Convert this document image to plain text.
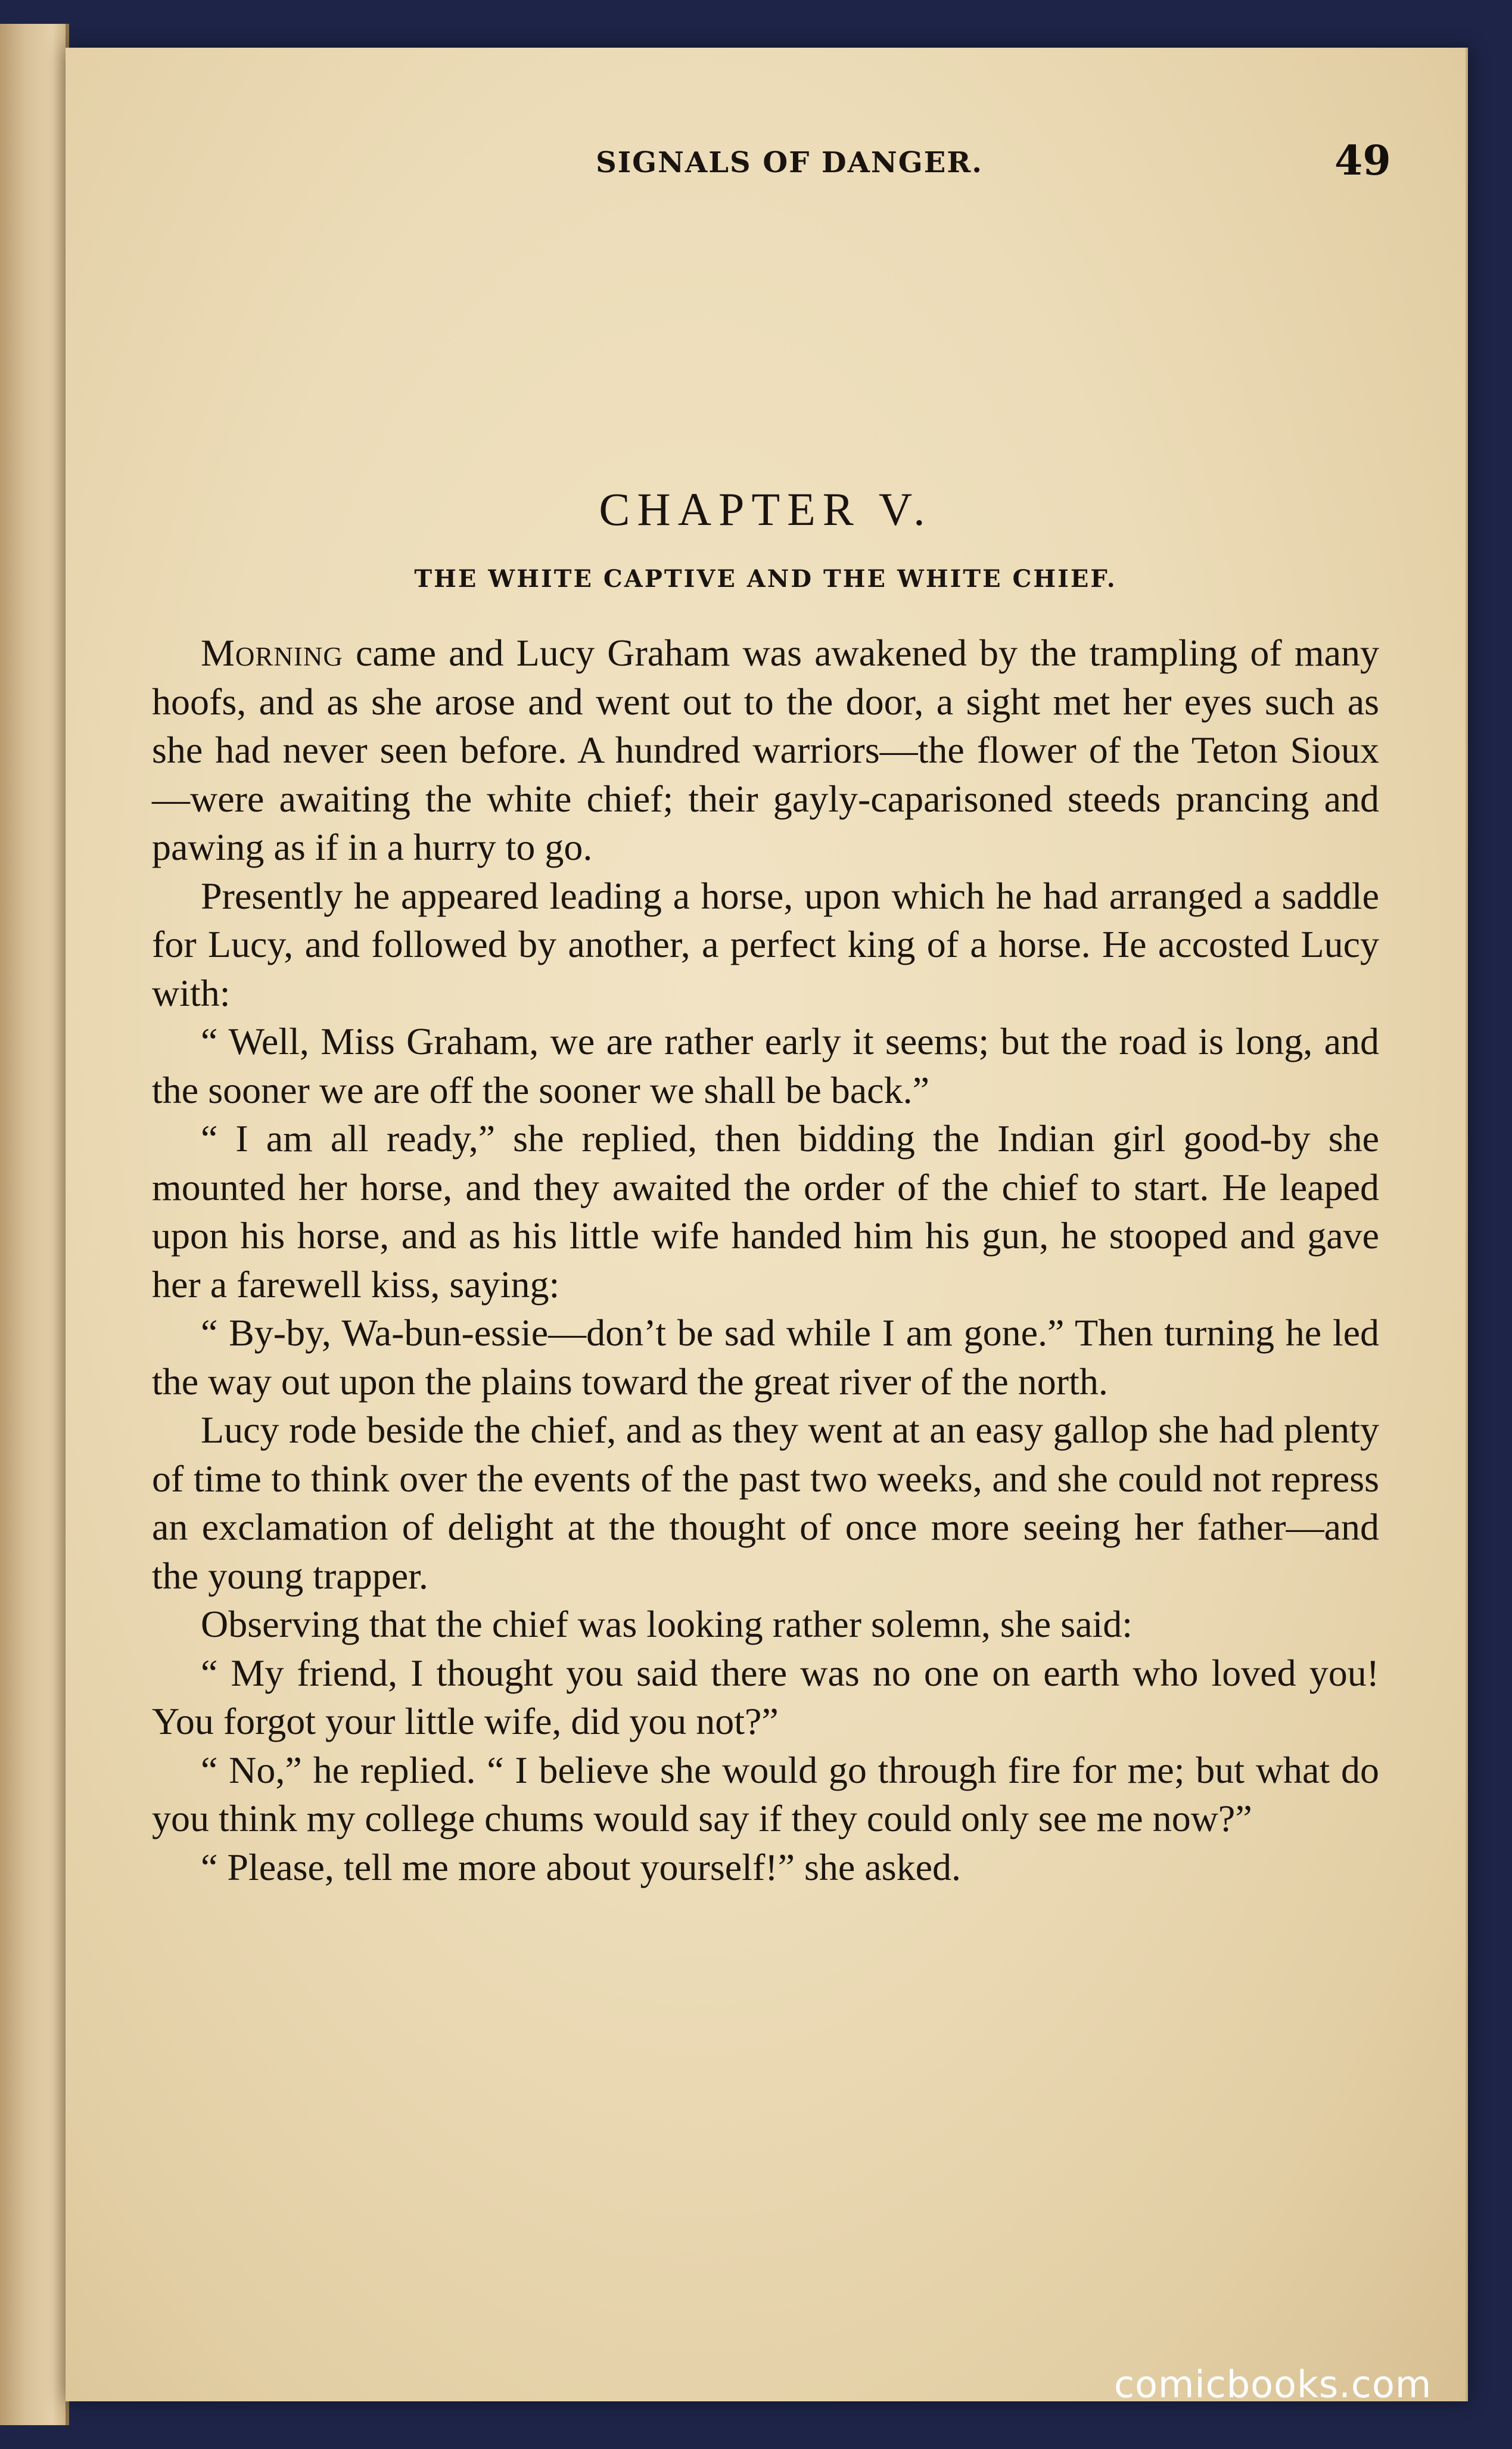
SIGNALS OF DANGER.	49
CHAPTER V.
THE WHITE CAPTIVE AND THE WHITE CHIEF.

Morning came and Lucy Graham was awakened by the trampling of many hoofs, and as she arose and went out to the door, a sight met her eyes such as she had never seen before. A hundred warriors—the flower of the Teton Sioux—were awaiting the white chief; their gayly-caparisoned steeds prancing and pawing as if in a hurry to go.

Presently he appeared leading a horse, upon which he had arranged a saddle for Lucy, and followed by another, a perfect king of a horse. He accosted Lucy with:

“ Well, Miss Graham, we are rather early it seems; but the road is long, and the sooner we are off the sooner we shall be back.”

“ I am all ready,” she replied, then bidding the Indian girl good-by she mounted her horse, and they awaited the order of the chief to start. He leaped upon his horse, and as his little wife handed him his gun, he stooped and gave her a farewell kiss, saying:

“ By-by, Wa-bun-essie—don’t be sad while I am gone.” Then turning he led the way out upon the plains toward the great river of the north.

Lucy rode beside the chief, and as they went at an easy gallop she had plenty of time to think over the events of the past two weeks, and she could not repress an exclamation of delight at the thought of once more seeing her father—and the young trapper.

Observing that the chief was looking rather solemn, she said:

“ My friend, I thought you said there was no one on earth who loved you! You forgot your little wife, did you not?”

“ No,” he replied. “ I believe she would go through fire for me; but what do you think my college chums would say if they could only see me now?”

“ Please, tell me more about yourself!” she asked.

comicbooks.com
